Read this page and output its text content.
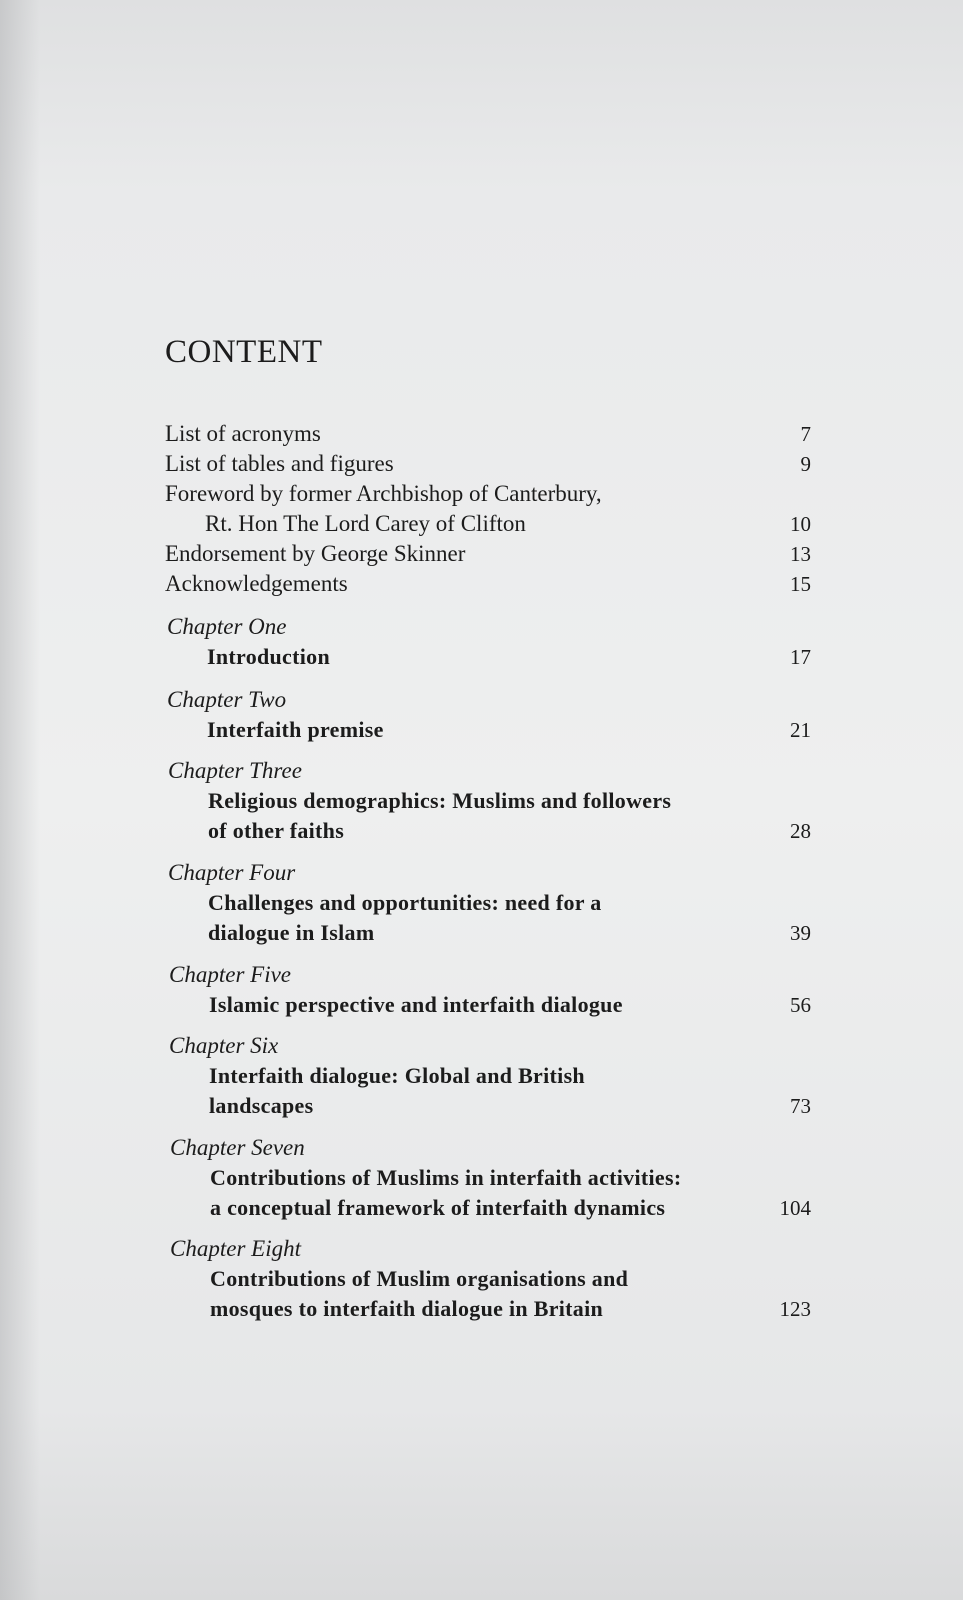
CONTENT
List of acronyms	7
List of tables and figures	9
Foreword by former Archbishop of Canterbury,
Rt. Hon The Lord Carey of Clifton	10
Endorsement by George Skinner	13
Acknowledgements	15
Chapter One
Introduction	17
Chapter Two
Interfaith premise	21
Chapter Three
Religious demographics: Muslims and followers
of other faiths	28
Chapter Four
Challenges and opportunities: need for a
dialogue in Islam	39
Chapter Five
Islamic perspective and interfaith dialogue	56
Chapter Six
Interfaith dialogue: Global and British
landscapes	73
Chapter Seven
Contributions of Muslims in interfaith activities:
a conceptual framework of interfaith dynamics	104
Chapter Eight
Contributions of Muslim organisations and
mosques to interfaith dialogue in Britain	123
